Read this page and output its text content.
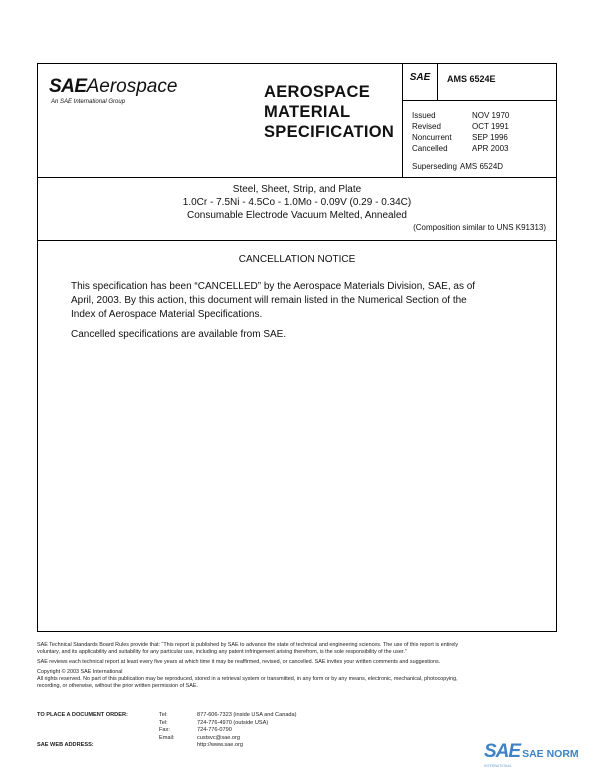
SAEAerospace
An SAE International Group
AEROSPACE
MATERIAL
SPECIFICATION
SAE	AMS 6524E
Issued	NOV 1970
Revised	OCT 1991
Noncurrent	SEP 1996
Cancelled	APR 2003
Superseding AMS 6524D
Steel, Sheet, Strip, and Plate
1.0Cr - 7.5Ni - 4.5Co - 1.0Mo - 0.09V (0.29 - 0.34C)
Consumable Electrode Vacuum Melted, Annealed
(Composition similar to UNS K91313)
CANCELLATION NOTICE
This specification has been “CANCELLED” by the Aerospace Materials Division, SAE, as of
April, 2003. By this action, this document will remain listed in the Numerical Section of the
Index of Aerospace Material Specifications.
Cancelled specifications are available from SAE.

SAE Technical Standards Board Rules provide that: “This report is published by SAE to advance the state of technical and engineering sciences. The use of this report is entirely
voluntary, and its applicability and suitability for any particular use, including any patent infringement arising therefrom, is the sole responsibility of the user.”

SAE reviews each technical report at least every five years at which time it may be reaffirmed, revised, or cancelled. SAE invites your written comments and suggestions.

Copyright © 2003 SAE International
All rights reserved. No part of this publication may be reproduced, stored in a retrieval system or transmitted, in any form or by any means, electronic, mechanical, photocopying,
recording, or otherwise, without the prior written permission of SAE.

TO PLACE A DOCUMENT ORDER:	Tel:	877-606-7323 (inside USA and Canada)
Tel:	724-776-4970 (outside USA)
Fax:	724-776-0790
Email:	custsvc@sae.org
SAE WEB ADDRESS:	http://www.sae.org	SAE SAE NORM
INTERNATIONAL
